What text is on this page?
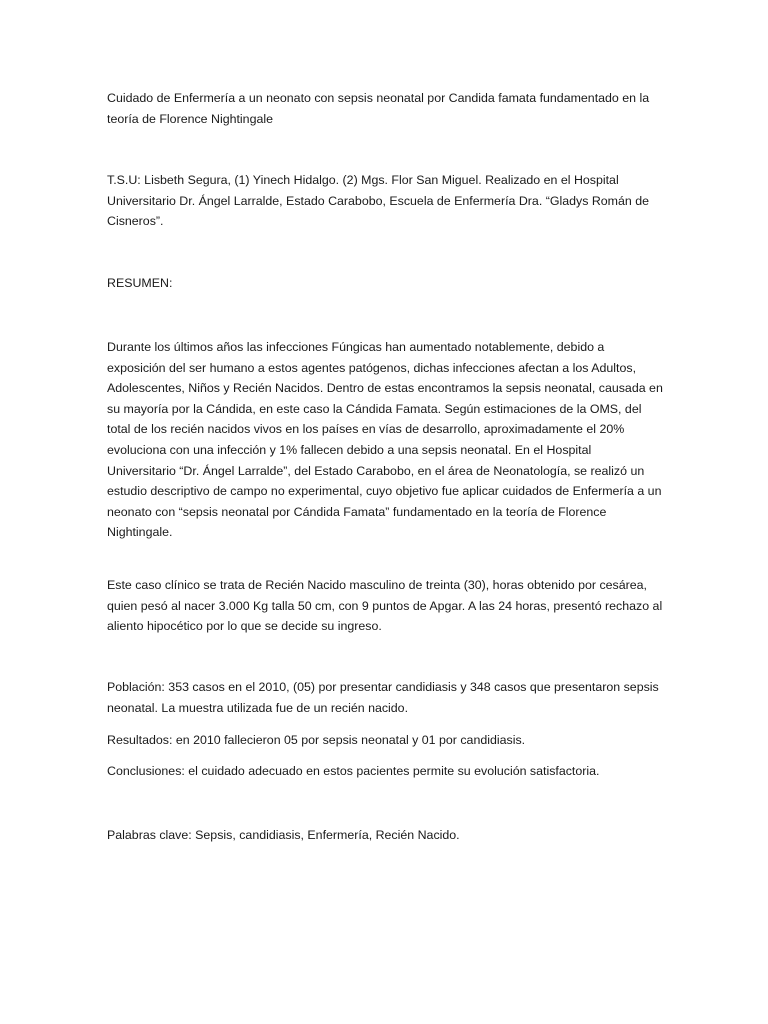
Cuidado de Enfermería a un neonato con sepsis neonatal por Candida famata fundamentado en la teoría de Florence Nightingale

T.S.U: Lisbeth Segura, (1) Yinech Hidalgo. (2) Mgs. Flor San Miguel. Realizado en el Hospital Universitario Dr. Ángel Larralde, Estado Carabobo, Escuela de Enfermería Dra. “Gladys Román de Cisneros”.

RESUMEN:

Durante los últimos años las infecciones Fúngicas han aumentado notablemente, debido a exposición del ser humano a estos agentes patógenos, dichas infecciones afectan a los Adultos, Adolescentes, Niños y Recién Nacidos. Dentro de estas encontramos la sepsis neonatal, causada en su mayoría por la Cándida, en este caso la Cándida Famata. Según estimaciones de la OMS, del total de los recién nacidos vivos en los países en vías de desarrollo, aproximadamente el 20% evoluciona con una infección y 1% fallecen debido a una sepsis neonatal. En el Hospital Universitario “Dr. Ángel Larralde”, del Estado Carabobo, en el área de Neonatología, se realizó un estudio descriptivo de campo no experimental, cuyo objetivo fue aplicar cuidados de Enfermería a un neonato con “sepsis neonatal por Cándida Famata” fundamentado en la teoría de Florence Nightingale.

Este caso clínico se trata de Recién Nacido masculino de treinta (30), horas obtenido por cesárea, quien pesó al nacer 3.000 Kg talla 50 cm, con 9 puntos de Apgar. A las 24 horas, presentó rechazo al aliento hipocético por lo que se decide su ingreso.

Población: 353 casos en el 2010, (05) por presentar candidiasis y 348 casos que presentaron sepsis neonatal. La muestra utilizada fue de un recién nacido.

Resultados: en 2010 fallecieron 05 por sepsis neonatal y 01 por candidiasis.

Conclusiones: el cuidado adecuado en estos pacientes permite su evolución satisfactoria.

Palabras clave: Sepsis, candidiasis, Enfermería, Recién Nacido.
